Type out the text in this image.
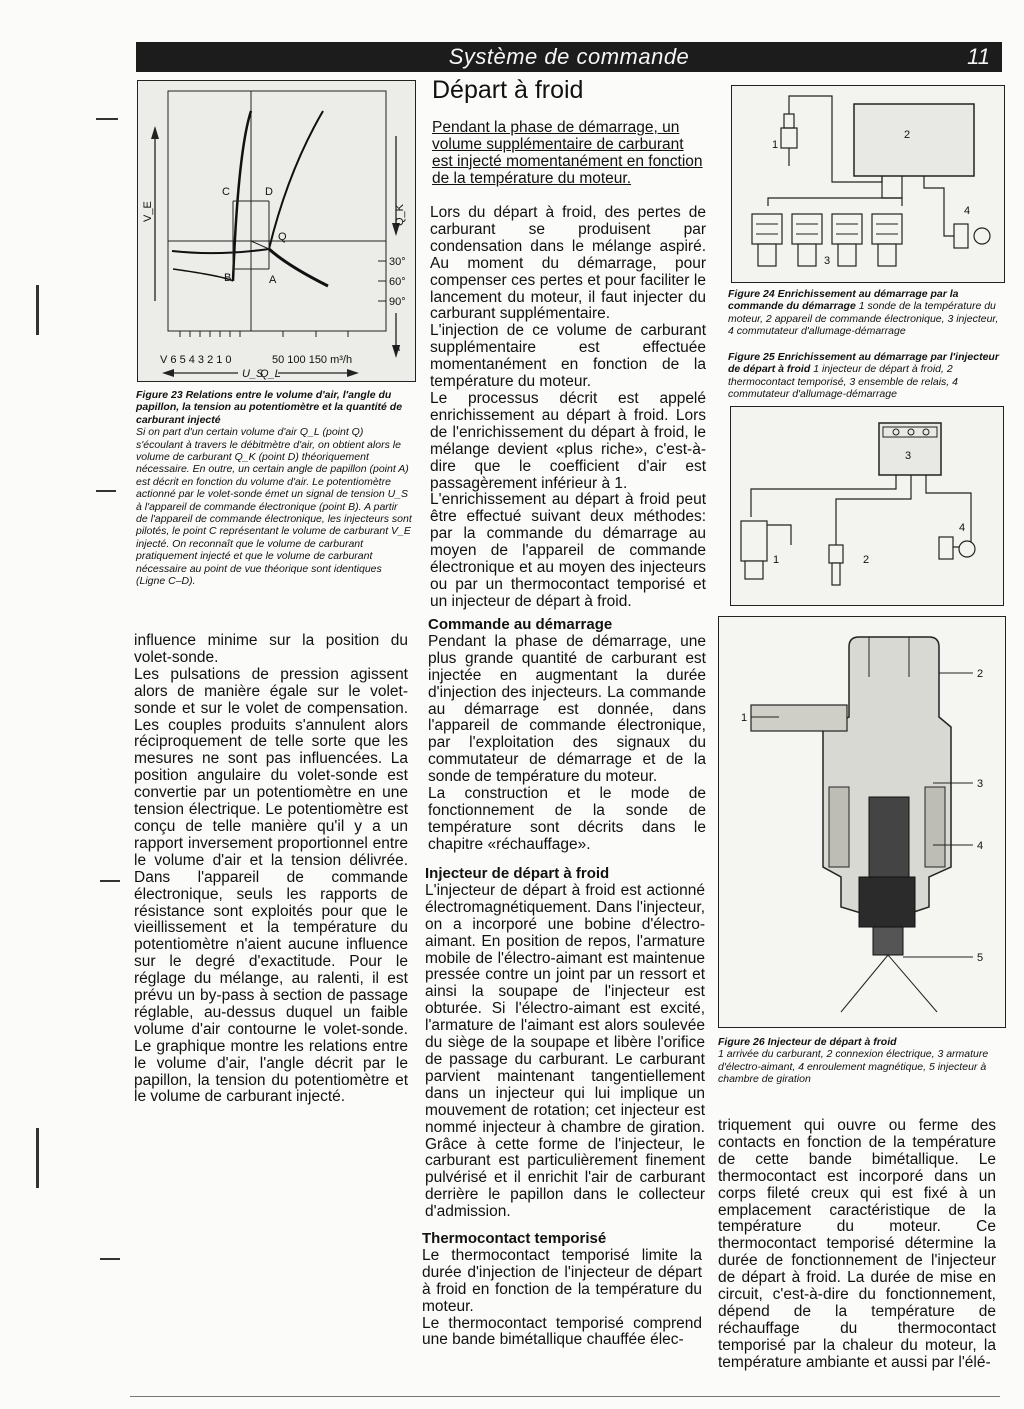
Système de commande	11
C	D
Q
B	A
30°
60°
90°
α
V_E	Q_K
V 6 5 4 3 2 1 0	50 100 150 m³/h
U_S
Q_L
Figure 23 Relations entre le volume d'air, l'angle du papillon, la tension au potentiomètre et la quantité de carburant injecté
Si on part d'un certain volume d'air Q_L (point Q) s'écoulant à travers le débitmètre d'air, on obtient alors le volume de carburant Q_K (point D) théoriquement nécessaire. En outre, un certain angle de papillon (point A) est décrit en fonction du volume d'air. Le potentiomètre actionné par le volet-sonde émet un signal de tension U_S à l'appareil de commande électronique (point B). A partir de l'appareil de commande électronique, les injecteurs sont pilotés, le point C représentant le volume de carburant V_E injecté. On reconnaît que le volume de carburant pratiquement injecté et que le volume de carburant nécessaire au point de vue théorique sont identiques (Ligne C–D).

influence minime sur la position du volet-sonde.

Les pulsations de pression agissent alors de manière égale sur le volet-sonde et sur le volet de compensation. Les couples produits s'annulent alors réciproquement de telle sorte que les mesures ne sont pas influencées. La position angulaire du volet-sonde est convertie par un potentiomètre en une tension électrique. Le potentiomètre est conçu de telle manière qu'il y a un rapport inversement proportionnel entre le volume d'air et la tension délivrée. Dans l'appareil de commande électronique, seuls les rapports de résistance sont exploités pour que le vieillissement et la température du potentiomètre n'aient aucune influence sur le degré d'exactitude. Pour le réglage du mélange, au ralenti, il est prévu un by-pass à section de passage réglable, au-dessus duquel un faible volume d'air contourne le volet-sonde. Le graphique montre les relations entre le volume d'air, l'angle décrit par le papillon, la tension du potentiomètre et le volume de carburant injecté.

Départ à froid
Pendant la phase de démarrage, un volume supplémentaire de carburant est injecté momentanément en fonction de la température du moteur.

Lors du départ à froid, des pertes de carburant se produisent par condensation dans le mélange aspiré. Au moment du démarrage, pour compenser ces pertes et pour faciliter le lancement du moteur, il faut injecter du carburant supplémentaire.

L'injection de ce volume de carburant supplémentaire est effectuée momentanément en fonction de la température du moteur.

Le processus décrit est appelé enrichissement au départ à froid. Lors de l'enrichissement du départ à froid, le mélange devient «plus riche», c'est-à-dire que le coefficient d'air est passagèrement inférieur à 1.

L'enrichissement au départ à froid peut être effectué suivant deux méthodes: par la commande du démarrage au moyen de l'appareil de commande électronique et au moyen des injecteurs ou par un thermocontact temporisé et un injecteur de départ à froid.

Commande au démarrage

Pendant la phase de démarrage, une plus grande quantité de carburant est injectée en augmentant la durée d'injection des injecteurs. La commande au démarrage est donnée, dans l'appareil de commande électronique, par l'exploitation des signaux du commutateur de démarrage et de la sonde de température du moteur.

La construction et le mode de fonctionnement de la sonde de température sont décrits dans le chapitre «réchauffage».

Injecteur de départ à froid

L'injecteur de départ à froid est actionné électromagnétiquement. Dans l'injecteur, on a incorporé une bobine d'électro-aimant. En position de repos, l'armature mobile de l'électro-aimant est maintenue pressée contre un joint par un ressort et ainsi la soupape de l'injecteur est obturée. Si l'électro-aimant est excité, l'armature de l'aimant est alors soulevée du siège de la soupape et libère l'orifice de passage du carburant. Le carburant parvient maintenant tangentiellement dans un injecteur qui lui implique un mouvement de rotation; cet injecteur est nommé injecteur à chambre de giration. Grâce à cette forme de l'injecteur, le carburant est particulièrement finement pulvérisé et il enrichit l'air de carburant derrière le papillon dans le collecteur d'admission.

Thermocontact temporisé

Le thermocontact temporisé limite la durée d'injection de l'injecteur de départ à froid en fonction de la température du moteur.

Le thermocontact temporisé comprend une bande bimétallique chauffée élec-

1
2
3
4
Figure 24 Enrichissement au démarrage par la commande du démarrage 1 sonde de la température du moteur, 2 appareil de commande électronique, 3 injecteur, 4 commutateur d'allumage-démarrage
Figure 25 Enrichissement au démarrage par l'injecteur de départ à froid 1 injecteur de départ à froid, 2 thermocontact temporisé, 3 ensemble de relais, 4 commutateur d'allumage-démarrage
1	2
3
4
1
2
3
4
5
Figure 26 Injecteur de départ à froid
1 arrivée du carburant, 2 connexion électrique, 3 armature d'électro-aimant, 4 enroulement magnétique, 5 injecteur à chambre de giration

triquement qui ouvre ou ferme des contacts en fonction de la température de cette bande bimétallique. Le thermocontact est incorporé dans un corps fileté creux qui est fixé à un emplacement caractéristique de la température du moteur. Ce thermocontact temporisé détermine la durée de fonctionnement de l'injecteur de départ à froid. La durée de mise en circuit, c'est-à-dire du fonctionnement, dépend de la température de réchauffage du thermocontact temporisé par la chaleur du moteur, la température ambiante et aussi par l'élé-
